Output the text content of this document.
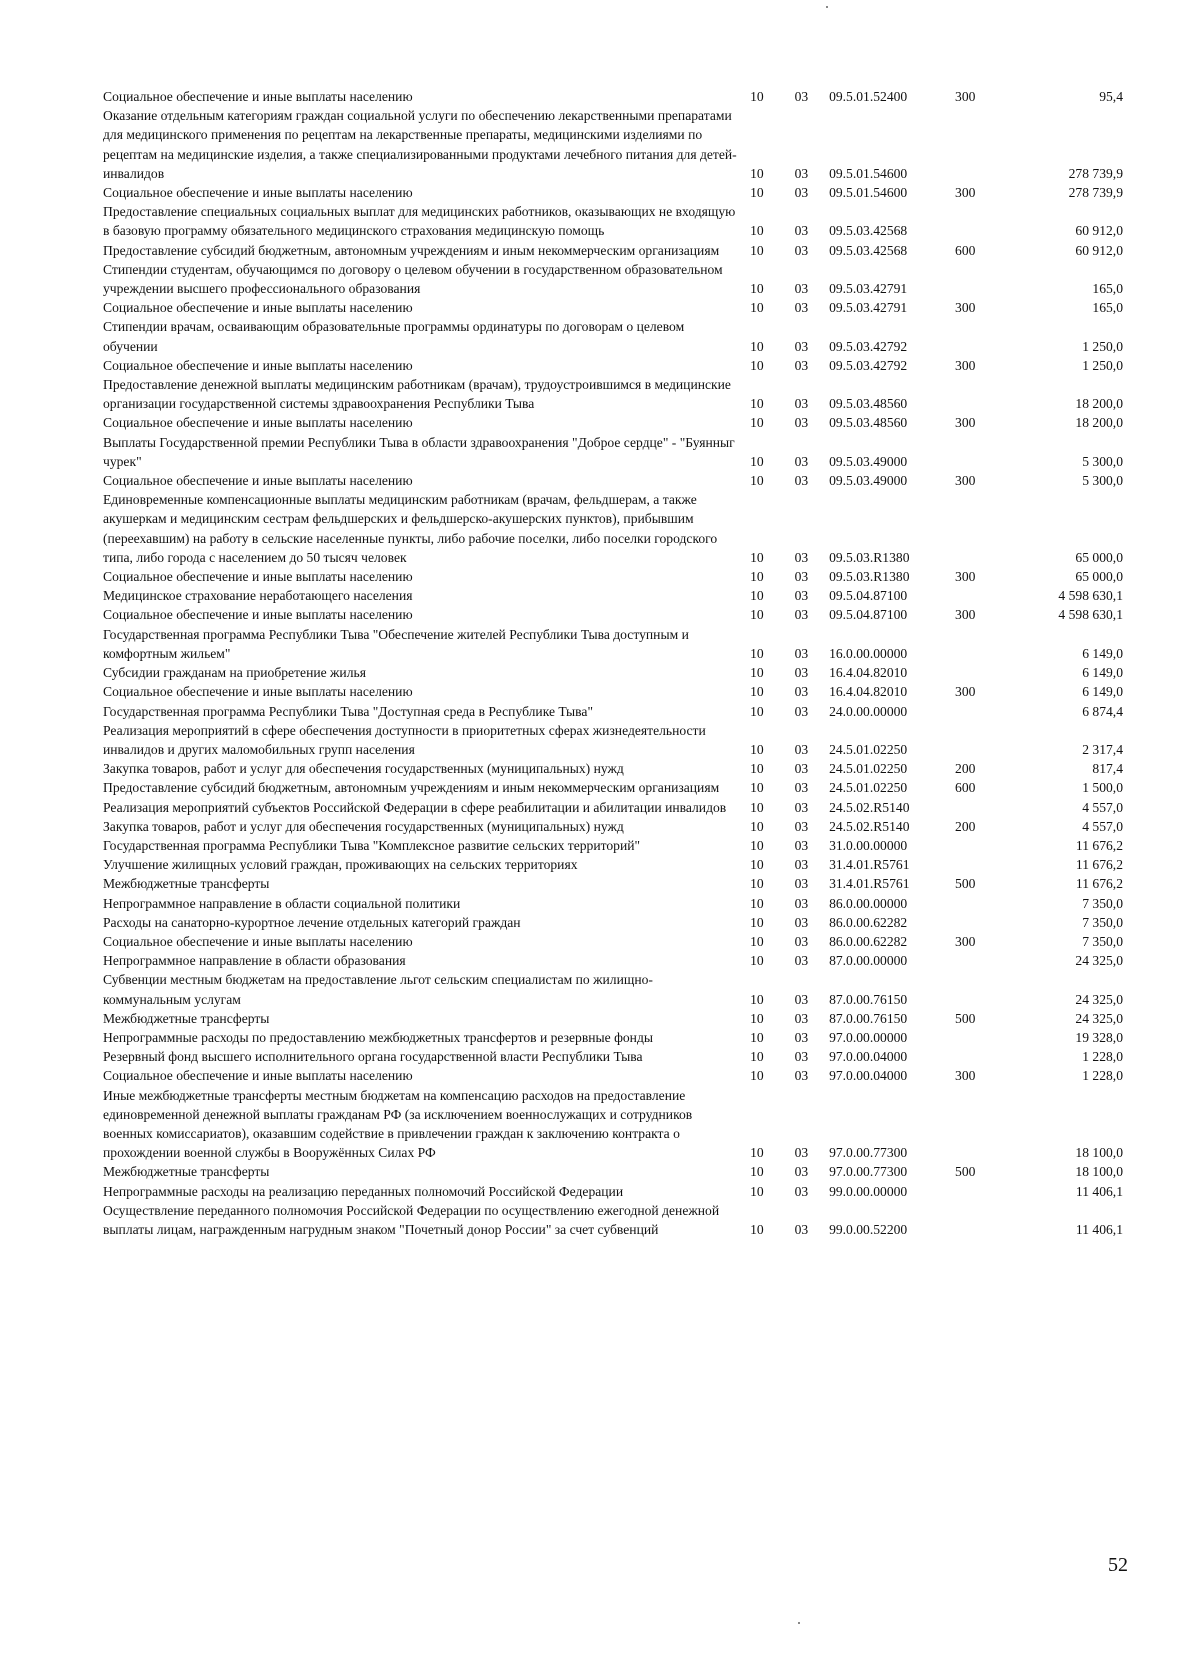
Социальное обеспечение и иные выплаты населению	10	03	09.5.01.52400	300	95,4
Оказание отдельным категориям граждан социальной услуги по обеспечению лекарственными препаратами для медицинского применения по рецептам на лекарственные препараты, медицинскими изделиями по рецептам на медицинские изделия, а также специализированными продуктами лечебного питания для детей-инвалидов	10	03	09.5.01.54600		278 739,9
Социальное обеспечение и иные выплаты населению	10	03	09.5.01.54600	300	278 739,9
Предоставление специальных социальных выплат для медицинских работников, оказывающих не входящую в базовую программу обязательного медицинского страхования медицинскую помощь	10	03	09.5.03.42568		60 912,0
Предоставление субсидий бюджетным, автономным учреждениям и иным некоммерческим организациям	10	03	09.5.03.42568	600	60 912,0
Стипендии студентам, обучающимся по договору о целевом обучении в государственном образовательном учреждении высшего профессионального образования	10	03	09.5.03.42791		165,0
Социальное обеспечение и иные выплаты населению	10	03	09.5.03.42791	300	165,0
Стипендии врачам, осваивающим образовательные программы ординатуры по договорам о целевом обучении	10	03	09.5.03.42792		1 250,0
Социальное обеспечение и иные выплаты населению	10	03	09.5.03.42792	300	1 250,0
Предоставление денежной выплаты медицинским работникам (врачам), трудоустроившимся в медицинские организации государственной системы здравоохранения Республики Тыва	10	03	09.5.03.48560		18 200,0
Социальное обеспечение и иные выплаты населению	10	03	09.5.03.48560	300	18 200,0
Выплаты Государственной премии Республики Тыва в области здравоохранения "Доброе сердце" - "Буянныг чурек"	10	03	09.5.03.49000		5 300,0
Социальное обеспечение и иные выплаты населению	10	03	09.5.03.49000	300	5 300,0
Единовременные компенсационные выплаты медицинским работникам (врачам, фельдшерам, а также акушеркам и медицинским сестрам фельдшерских и фельдшерско-акушерских пунктов), прибывшим (переехавшим) на работу в сельские населенные пункты, либо рабочие поселки, либо поселки городского типа, либо города с населением до 50 тысяч человек	10	03	09.5.03.R1380		65 000,0
Социальное обеспечение и иные выплаты населению	10	03	09.5.03.R1380	300	65 000,0
Медицинское страхование неработающего населения	10	03	09.5.04.87100		4 598 630,1
Социальное обеспечение и иные выплаты населению	10	03	09.5.04.87100	300	4 598 630,1
Государственная программа Республики Тыва "Обеспечение жителей Республики Тыва доступным и комфортным жильем"	10	03	16.0.00.00000		6 149,0
Субсидии гражданам на приобретение жилья	10	03	16.4.04.82010		6 149,0
Социальное обеспечение и иные выплаты населению	10	03	16.4.04.82010	300	6 149,0
Государственная программа Республики Тыва "Доступная среда в Республике Тыва"	10	03	24.0.00.00000		6 874,4
Реализация мероприятий в сфере обеспечения доступности в приоритетных сферах жизнедеятельности инвалидов и других маломобильных групп населения	10	03	24.5.01.02250		2 317,4
Закупка товаров, работ и услуг для обеспечения государственных (муниципальных) нужд	10	03	24.5.01.02250	200	817,4
Предоставление субсидий бюджетным, автономным учреждениям и иным некоммерческим организациям	10	03	24.5.01.02250	600	1 500,0
Реализация мероприятий субъектов Российской Федерации в сфере реабилитации и абилитации инвалидов	10	03	24.5.02.R5140		4 557,0
Закупка товаров, работ и услуг для обеспечения государственных (муниципальных) нужд	10	03	24.5.02.R5140	200	4 557,0
Государственная программа Республики Тыва "Комплексное развитие сельских территорий"	10	03	31.0.00.00000		11 676,2
Улучшение жилищных условий граждан, проживающих на сельских территориях	10	03	31.4.01.R5761		11 676,2
Межбюджетные трансферты	10	03	31.4.01.R5761	500	11 676,2
Непрограммное направление в области социальной политики	10	03	86.0.00.00000		7 350,0
Расходы на санаторно-курортное лечение отдельных категорий граждан	10	03	86.0.00.62282		7 350,0
Социальное обеспечение и иные выплаты населению	10	03	86.0.00.62282	300	7 350,0
Непрограммное направление в области образования	10	03	87.0.00.00000		24 325,0
Субвенции местным бюджетам на предоставление льгот сельским специалистам по жилищно-коммунальным услугам	10	03	87.0.00.76150		24 325,0
Межбюджетные трансферты	10	03	87.0.00.76150	500	24 325,0
Непрограммные расходы по предоставлению межбюджетных трансфертов и резервные фонды	10	03	97.0.00.00000		19 328,0
Резервный фонд высшего исполнительного органа государственной власти Республики Тыва	10	03	97.0.00.04000		1 228,0
Социальное обеспечение и иные выплаты населению	10	03	97.0.00.04000	300	1 228,0
Иные межбюджетные трансферты местным бюджетам на компенсацию расходов на предоставление единовременной денежной выплаты гражданам РФ (за исключением военнослужащих и сотрудников военных комиссариатов), оказавшим содействие в привлечении граждан к заключению контракта о прохождении военной службы в Вооружённых Силах РФ	10	03	97.0.00.77300		18 100,0
Межбюджетные трансферты	10	03	97.0.00.77300	500	18 100,0
Непрограммные расходы на реализацию переданных полномочий Российской Федерации	10	03	99.0.00.00000		11 406,1
Осуществление переданного полномочия Российской Федерации по осуществлению ежегодной денежной выплаты лицам, награжденным нагрудным знаком "Почетный донор России" за счет субвенций	10	03	99.0.00.52200		11 406,1
52
